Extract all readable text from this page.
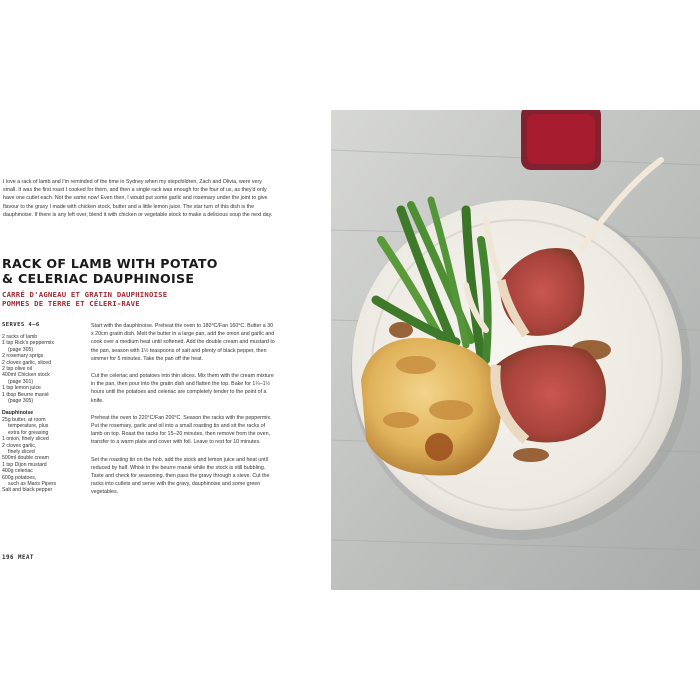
I love a rack of lamb and I'm reminded of the time in Sydney when my stepchildren, Zach and Olivia, were very small. It was the first roast I cooked for them, and then a single rack was enough for the four of us, as they'd only have one cutlet each. Not the same now! Even then, I would put some garlic and rosemary under the joint to give flavour to the gravy I made with chicken stock, butter and a little lemon juice. The star turn of this dish is the dauphinoise. If there is any left over, blend it with chicken or vegetable stock to make a delicious soup the next day.

RACK OF LAMB WITH POTATO
& CELERIAC DAUPHINOISE
CARRÉ D'AGNEAU ET GRATIN DAUPHINOISE
POMMES DE TERRE ET CÉLERI-RAVE
SERVES 4–6
2 racks of lamb
1 tsp Rick's peppermix
(page 305)
2 rosemary sprigs
2 cloves garlic, sliced
2 tsp olive oil
400ml Chicken stock
(page 301)
1 tsp lemon juice
1 tbsp Beurre manié
(page 305)
Dauphinoise
25g butter, at room
temperature, plus
extra for greasing
1 onion, finely sliced
2 cloves garlic,
finely sliced
500ml double cream
1 tsp Dijon mustard
400g celeriac
600g potatoes,
such as Maris Pipers
Salt and black pepper

Start with the dauphinoise. Preheat the oven to 180°C/Fan 160°C. Butter a 30 x 20cm gratin dish. Melt the butter in a large pan, add the onion and garlic and cook over a medium heat until softened. Add the double cream and mustard to the pan, season with 1½ teaspoons of salt and plenty of black pepper, then simmer for 5 minutes. Take the pan off the heat.

Cut the celeriac and potatoes into thin slices. Mix them with the cream mixture in the pan, then pour into the gratin dish and flatten the top. Bake for 1¼–1½ hours until the potatoes and celeriac are completely tender to the point of a knife.

Preheat the oven to 220°C/Fan 200°C. Season the racks with the peppermix. Put the rosemary, garlic and oil into a small roasting tin and sit the racks of lamb on top. Roast the racks for 15–20 minutes, then remove from the oven, transfer to a warm plate and cover with foil. Leave to rest for 10 minutes.

Set the roasting tin on the hob, add the stock and lemon juice and heat until reduced by half. Whisk in the beurre manié while the stock is still bubbling. Taste and check for seasoning, then pass the gravy through a sieve. Cut the racks into cutlets and serve with the gravy, dauphinoise and some green vegetables.

196 MEAT
